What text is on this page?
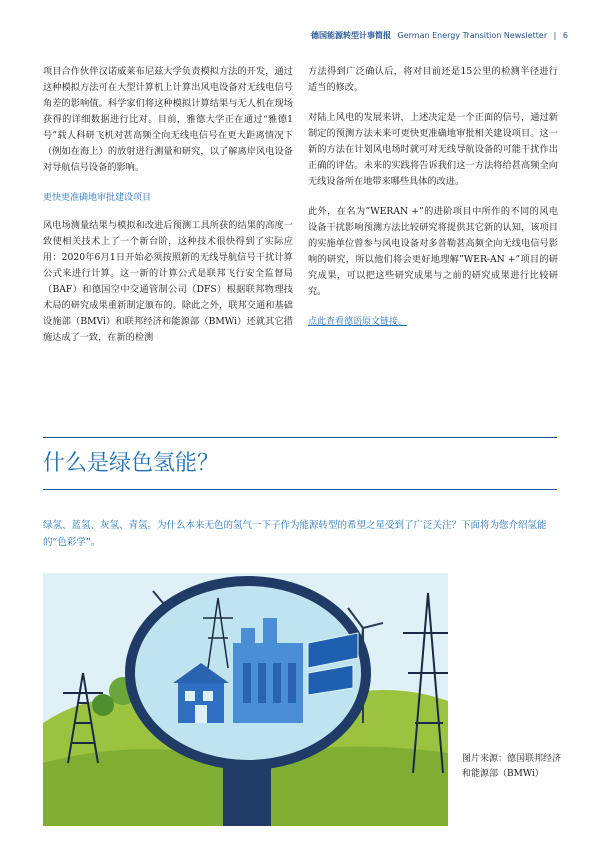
德国能源转型计事简报 German Energy Transition Newsletter | 6

项目合作伙伴汉诺威莱布尼兹大学负责模拟方法的开发，通过这种模拟方法可在大型计算机上计算出风电设备对无线电信号角差的影响值。科学家们将这种模拟计算结果与无人机在现场获得的详细数据进行比对。目前，雅德大学正在通过“雅德1号”载人科研飞机对甚高频全向无线电信号在更大距离情况下（例如在海上）的放射进行测量和研究，以了解离岸风电设备对导航信号设备的影响。

更快更准确地审批建设项目

风电场测量结果与模拟和改进后预测工具所获的结果的高度一致使相关技术上了一个新台阶，这种技术很快得到了实际应用：2020年6月1日开始必须按照新的无线导航信号干扰计算公式来进行计算。这一新的计算公式是联邦飞行安全监督局（BAF）和德国空中交通管制公司（DFS）根据联邦物理技术局的研究成果重新制定颁布的。除此之外，联邦交通和基础设施部（BMVi）和联邦经济和能源部（BMWi）还就其它措施达成了一致，在新的检测

方法得到广泛确认后，将对目前还是15公里的检测半径进行适当的修改。

对陆上风电的发展来讲，上述决定是一个正面的信号，通过新制定的预测方法未来可更快更准确地审批相关建设项目。这一新的方法在计划风电场时就可对无线导航设备的可能干扰作出正确的评估。未来的实践将告诉我们这一方法将给甚高频全向无线设备所在地带来哪些具体的改进。

此外，在名为”WERAN +”的进阶项目中所作的不同的风电设备干扰影响预测方法比较研究将提供其它新的认知，该项目的实施单位曾参与风电设备对多普勒甚高频全向无线电信号影响的研究，所以他们将会更好地理解”WER-AN +”项目的研究成果，可以把这些研究成果与之前的研究成果进行比较研究。

点此查看德语原文链接。
什么是绿色氢能？
绿氢、蓝氢、灰氢、青氢。为什么本来无色的氢气一下子作为能源转型的希望之星受到了广泛关注？下面将为您介绍氢能的“色彩学”。
图片来源：德国联邦经济和能源部（BMWi）
